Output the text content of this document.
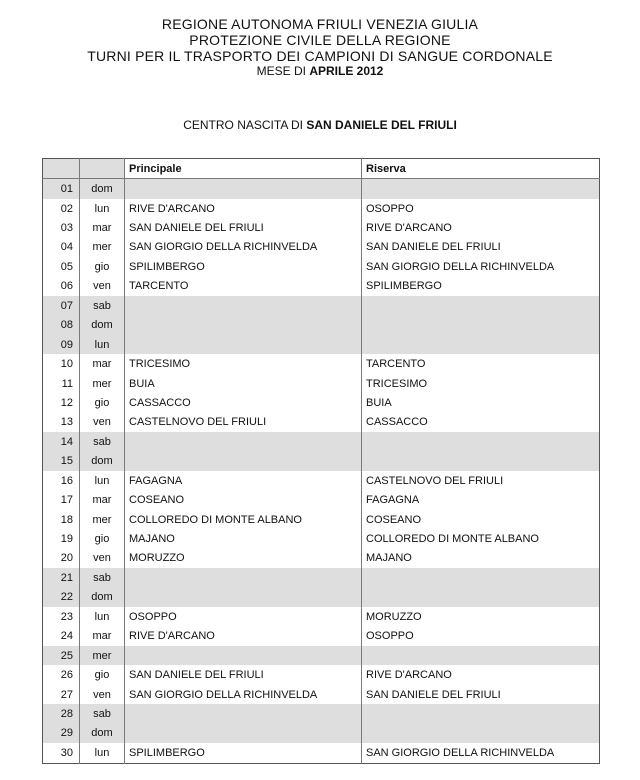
REGIONE AUTONOMA FRIULI VENEZIA GIULIA
PROTEZIONE CIVILE DELLA REGIONE
TURNI PER IL TRASPORTO DEI CAMPIONI DI SANGUE CORDONALE
MESE DI APRILE 2012
CENTRO NASCITA DI SAN DANIELE DEL FRIULI
		Principale	Riserva
01	dom		
02	lun	RIVE D'ARCANO	OSOPPO
03	mar	SAN DANIELE DEL FRIULI	RIVE D'ARCANO
04	mer	SAN GIORGIO DELLA RICHINVELDA	SAN DANIELE DEL FRIULI
05	gio	SPILIMBERGO	SAN GIORGIO DELLA RICHINVELDA
06	ven	TARCENTO	SPILIMBERGO
07	sab		
08	dom		
09	lun		
10	mar	TRICESIMO	TARCENTO
11	mer	BUIA	TRICESIMO
12	gio	CASSACCO	BUIA
13	ven	CASTELNOVO DEL FRIULI	CASSACCO
14	sab		
15	dom		
16	lun	FAGAGNA	CASTELNOVO DEL FRIULI
17	mar	COSEANO	FAGAGNA
18	mer	COLLOREDO DI MONTE ALBANO	COSEANO
19	gio	MAJANO	COLLOREDO DI MONTE ALBANO
20	ven	MORUZZO	MAJANO
21	sab		
22	dom		
23	lun	OSOPPO	MORUZZO
24	mar	RIVE D'ARCANO	OSOPPO
25	mer		
26	gio	SAN DANIELE DEL FRIULI	RIVE D'ARCANO
27	ven	SAN GIORGIO DELLA RICHINVELDA	SAN DANIELE DEL FRIULI
28	sab		
29	dom		
30	lun	SPILIMBERGO	SAN GIORGIO DELLA RICHINVELDA
